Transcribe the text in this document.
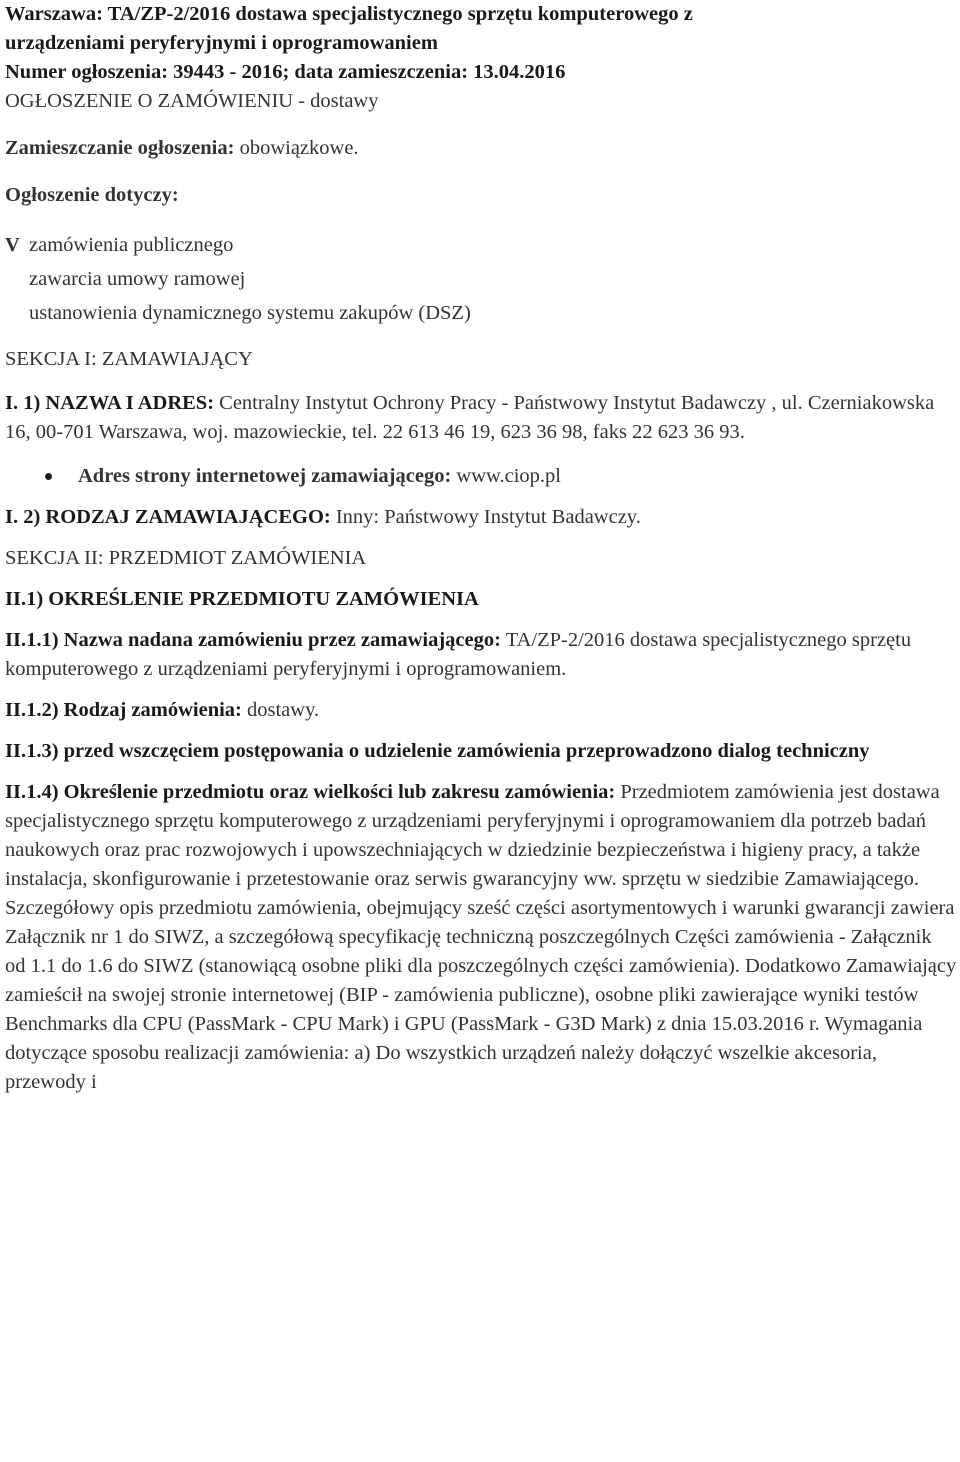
Warszawa: TA/ZP-2/2016 dostawa specjalistycznego sprzętu komputerowego z

urządzeniami peryferyjnymi i oprogramowaniem

Numer ogłoszenia: 39443 - 2016; data zamieszczenia: 13.04.2016

OGŁOSZENIE O ZAMÓWIENIU - dostawy

Zamieszczanie ogłoszenia: obowiązkowe.

Ogłoszenie dotyczy:

V zamówienia publicznego

zawarcia umowy ramowej

ustanowienia dynamicznego systemu zakupów (DSZ)

SEKCJA I: ZAMAWIAJĄCY

I. 1) NAZWA I ADRES: Centralny Instytut Ochrony Pracy - Państwowy Instytut Badawczy , ul. Czerniakowska 16, 00-701 Warszawa, woj. mazowieckie, tel. 22 613 46 19, 623 36 98, faks 22 623 36 93.

Adres strony internetowej zamawiającego: www.ciop.pl

I. 2) RODZAJ ZAMAWIAJĄCEGO: Inny: Państwowy Instytut Badawczy.

SEKCJA II: PRZEDMIOT ZAMÓWIENIA

II.1) OKREŚLENIE PRZEDMIOTU ZAMÓWIENIA

II.1.1) Nazwa nadana zamówieniu przez zamawiającego: TA/ZP-2/2016 dostawa specjalistycznego sprzętu komputerowego z urządzeniami peryferyjnymi i oprogramowaniem.

II.1.2) Rodzaj zamówienia: dostawy.

II.1.3) przed wszczęciem postępowania o udzielenie zamówienia przeprowadzono dialog techniczny

II.1.4) Określenie przedmiotu oraz wielkości lub zakresu zamówienia: Przedmiotem zamówienia jest dostawa specjalistycznego sprzętu komputerowego z urządzeniami peryferyjnymi i oprogramowaniem dla potrzeb badań naukowych oraz prac rozwojowych i upowszechniających w dziedzinie bezpieczeństwa i higieny pracy, a także instalacja, skonfigurowanie i przetestowanie oraz serwis gwarancyjny ww. sprzętu w siedzibie Zamawiającego. Szczegółowy opis przedmiotu zamówienia, obejmujący sześć części asortymentowych i warunki gwarancji zawiera Załącznik nr 1 do SIWZ, a szczegółową specyfikację techniczną poszczególnych Części zamówienia - Załącznik od 1.1 do 1.6 do SIWZ (stanowiącą osobne pliki dla poszczególnych części zamówienia). Dodatkowo Zamawiający zamieścił na swojej stronie internetowej (BIP - zamówienia publiczne), osobne pliki zawierające wyniki testów Benchmarks dla CPU (PassMark - CPU Mark) i GPU (PassMark - G3D Mark) z dnia 15.03.2016 r. Wymagania dotyczące sposobu realizacji zamówienia: a) Do wszystkich urządzeń należy dołączyć wszelkie akcesoria, przewody i
